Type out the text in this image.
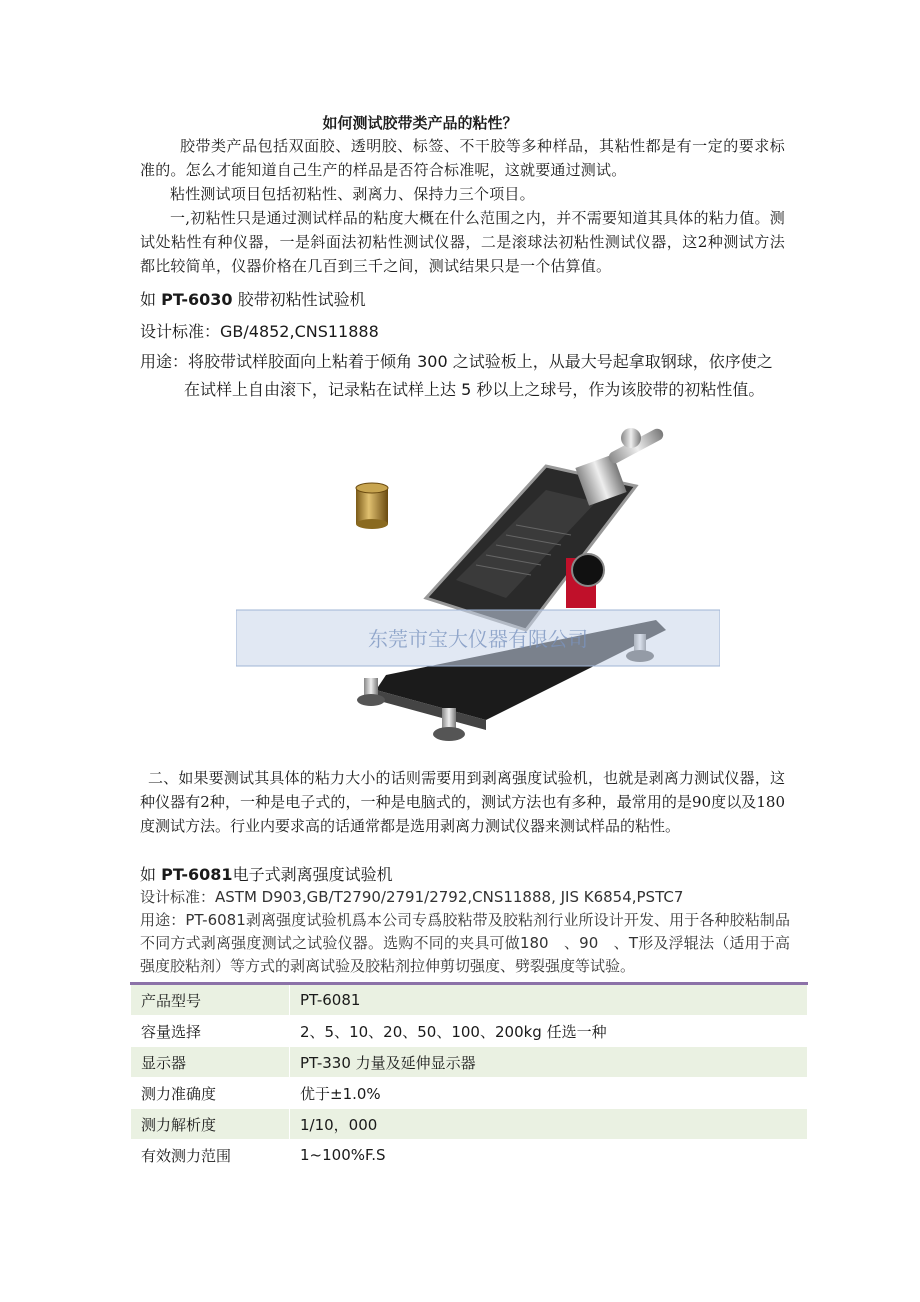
如何测试胶带类产品的粘性？

胶带类产品包括双面胶、透明胶、标签、不干胶等多种样品，其粘性都是有一定的要求标准的。怎么才能知道自己生产的样品是否符合标准呢，这就要通过测试。

粘性测试项目包括初粘性、剥离力、保持力三个项目。

一,初粘性只是通过测试样品的粘度大概在什么范围之内，并不需要知道其具体的粘力值。测试处粘性有种仪器，一是斜面法初粘性测试仪器，二是滚球法初粘性测试仪器，这2种测试方法都比较简单，仪器价格在几百到三千之间，测试结果只是一个估算值。

如 PT-6030 胶带初粘性试验机
设计标准：GB/4852,CNS11888
用途：将胶带试样胶面向上粘着于倾角 300 之试验板上，从最大号起拿取钢球，依序使之
在试样上自由滚下，记录粘在试样上达 5 秒以上之球号，作为该胶带的初粘性值。
东莞市宝大仪器有限公司
二、如果要测试其具体的粘力大小的话则需要用到剥离强度试验机，也就是剥离力测试仪器，这种仪器有2种，一种是电子式的，一种是电脑式的，测试方法也有多种，最常用的是90度以及180度测试方法。行业内要求高的话通常都是选用剥离力测试仪器来测试样品的粘性。
如 PT-6081电子式剥离强度试验机
设计标准：ASTM D903,GB/T2790/2791/2792,CNS11888, JIS K6854,PSTC7
用途：PT-6081剥离强度试验机爲本公司专爲胶粘带及胶粘剂行业所设计开发、用于各种胶粘制品不同方式剥离强度测试之试验仪器。选购不同的夹具可做180　、90　、T形及浮辊法（适用于高强度胶粘剂）等方式的剥离试验及胶粘剂拉伸剪切强度、劈裂强度等试验。
产品型号	PT-6081
容量选择	2、5、10、20、50、100、200kg 任选一种
显示器	PT-330 力量及延伸显示器
测力准确度	优于±1.0%
测力解析度	1/10，000
有效测力范围	1~100%F.S
